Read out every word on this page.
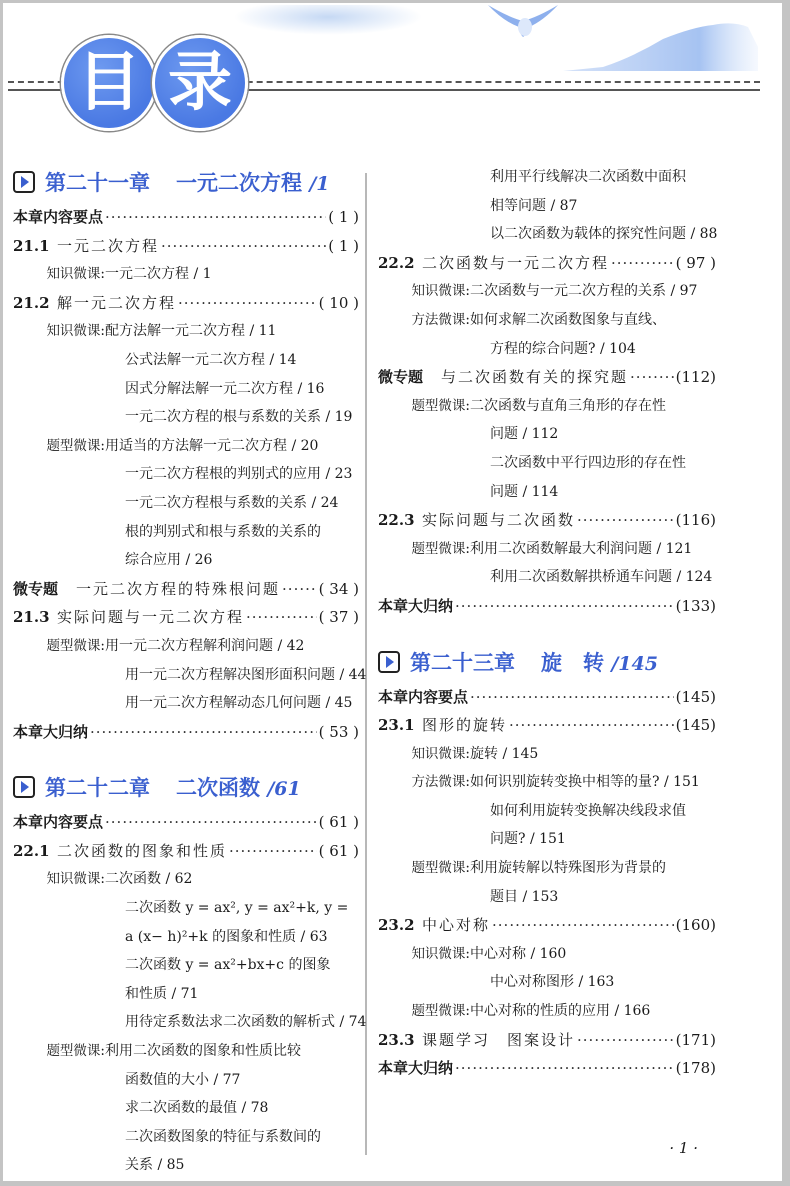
目 录
第二十一章 一元二次方程 /1
本章内容要点 ·····	( 1 )
21.1 一元二次方程 ·····	( 1 )
知识微课:一元二次方程 / 1
21.2 解一元二次方程 ·····	( 10 )
知识微课:配方法解一元二次方程 / 11
公式法解一元二次方程 / 14
因式分解法解一元二次方程 / 16
一元二次方程的根与系数的关系 / 19
题型微课:用适当的方法解一元二次方程 / 20
一元二次方程根的判别式的应用 / 23
一元二次方程根与系数的关系 / 24
根的判别式和根与系数的关系的
综合应用 / 26
微专题 一元二次方程的特殊根问题 ·····	( 34 )
21.3 实际问题与一元二次方程 ·····	( 37 )
题型微课:用一元二次方程解利润问题 / 42
用一元二次方程解决图形面积问题 / 44
用一元二次方程解动态几何问题 / 45
本章大归纳 ·····	( 53 )
第二十二章 二次函数 /61
本章内容要点 ·····	( 61 )
22.1 二次函数的图象和性质 ·····	( 61 )
知识微课:二次函数 / 62
二次函数 y = ax², y = ax²+k, y =
a (x− h)²+k 的图象和性质 / 63
二次函数 y = ax²+bx+c 的图象
和性质 / 71
用待定系数法求二次函数的解析式 / 74
题型微课:利用二次函数的图象和性质比较
函数值的大小 / 77
求二次函数的最值 / 78
二次函数图象的特征与系数间的
关系 / 85
利用平行线解决二次函数中面积
相等问题 / 87
以二次函数为载体的探究性问题 / 88
22.2 二次函数与一元二次方程 ·····	( 97 )
知识微课:二次函数与一元二次方程的关系 / 97
方法微课:如何求解二次函数图象与直线、
方程的综合问题? / 104
微专题 与二次函数有关的探究题 ·····	(112)
题型微课:二次函数与直角三角形的存在性
问题 / 112
二次函数中平行四边形的存在性
问题 / 114
22.3 实际问题与二次函数 ·····	(116)
题型微课:利用二次函数解最大利润问题 / 121
利用二次函数解拱桥通车问题 / 124
本章大归纳 ·····	(133)
第二十三章 旋　转 /145
本章内容要点 ·····	(145)
23.1 图形的旋转 ·····	(145)
知识微课:旋转 / 145
方法微课:如何识别旋转变换中相等的量? / 151
如何利用旋转变换解决线段求值
问题? / 151
题型微课:利用旋转解以特殊图形为背景的
题目 / 153
23.2 中心对称 ·····	(160)
知识微课:中心对称 / 160
中心对称图形 / 163
题型微课:中心对称的性质的应用 / 166
23.3 课题学习　图案设计 ·····	(171)
本章大归纳 ·····	(178)
· 1 ·
